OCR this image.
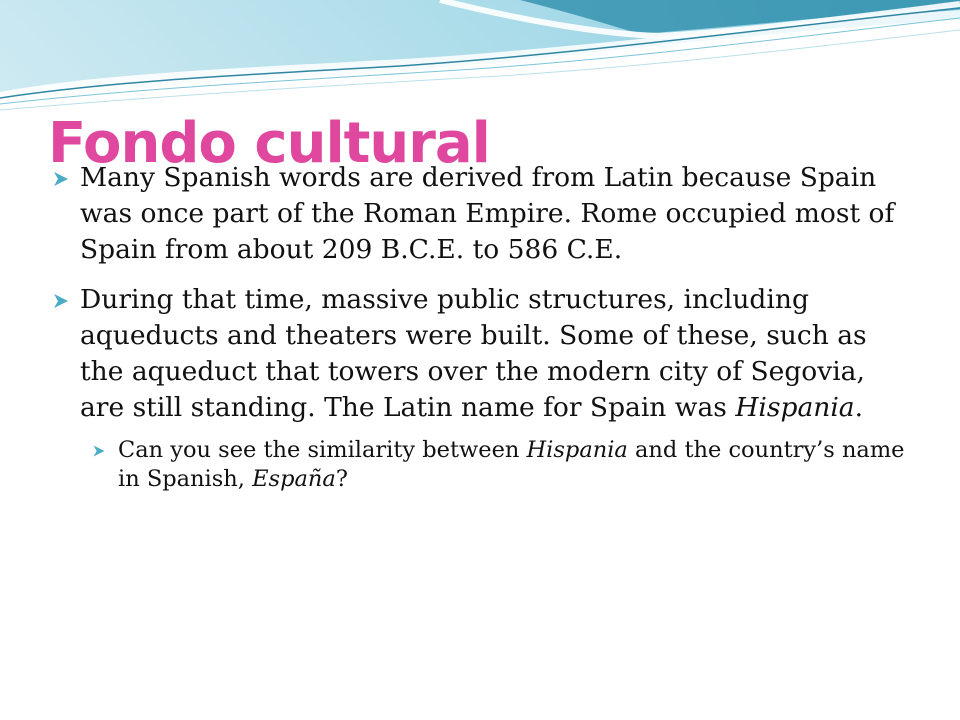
Fondo cultural

Many Spanish words are derived from Latin because Spain was once part of the Roman Empire. Rome occupied most of Spain from about 209 B.C.E. to 586 C.E.

During that time, massive public structures, including aqueducts and theaters were built. Some of these, such as the aqueduct that towers over the modern city of Segovia, are still standing. The Latin name for Spain was Hispania.

Can you see the similarity between Hispania and the country’s name in Spanish, España?
